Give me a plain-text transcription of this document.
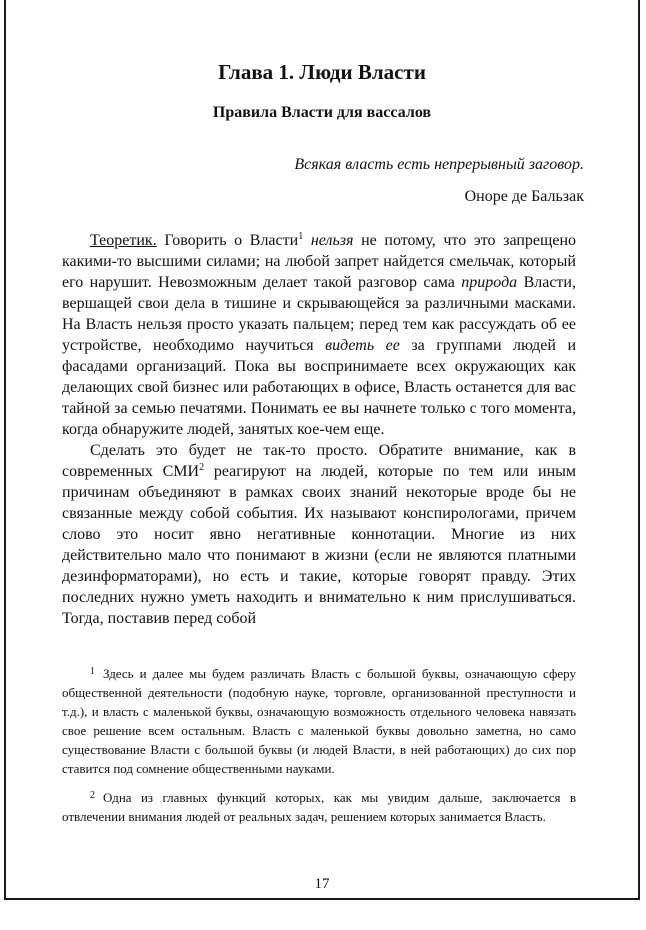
Глава 1. Люди Власти
Правила Власти для вассалов
Всякая власть есть непрерывный заговор.
Оноре де Бальзак

Теоретик. Говорить о Власти$^1$ нельзя не потому, что это запрещено какими-то высшими силами; на любой запрет найдется смельчак, который его нарушит. Невозможным делает такой разговор сама природа Власти, вершащей свои дела в тишине и скрывающейся за различными масками. На Власть нельзя просто указать пальцем; перед тем как рассуждать об ее устройстве, необходимо научиться видеть ее за группами людей и фасадами организаций. Пока вы воспринимаете всех окружающих как делающих свой бизнес или работающих в офисе, Власть останется для вас тайной за семью печатями. Понимать ее вы начнете только с того момента, когда обнаружите людей, занятых кое-чем еще.

Сделать это будет не так-то просто. Обратите внимание, как в современных СМИ$^2$ реагируют на людей, которые по тем или иным причинам объединяют в рамках своих знаний некоторые вроде бы не связанные между собой события. Их называют конспирологами, причем слово это носит явно негативные коннотации. Многие из них действительно мало что понимают в жизни (если не являются платными дезинформаторами), но есть и такие, которые говорят правду. Этих последних нужно уметь находить и внимательно к ним прислушиваться. Тогда, поставив перед собой

$^1$ Здесь и далее мы будем различать Власть с большой буквы, означающую сферу общественной деятельности (подобную науке, торговле, организованной преступности и т.д.), и власть с маленькой буквы, означающую возможность отдельного человека навязать свое решение всем остальным. Власть с маленькой буквы довольно заметна, но само существование Власти с большой буквы (и людей Власти, в ней работающих) до сих пор ставится под сомнение общественными науками.

$^2$ Одна из главных функций которых, как мы увидим дальше, заключается в отвлечении внимания людей от реальных задач, решением которых занимается Власть.

17
